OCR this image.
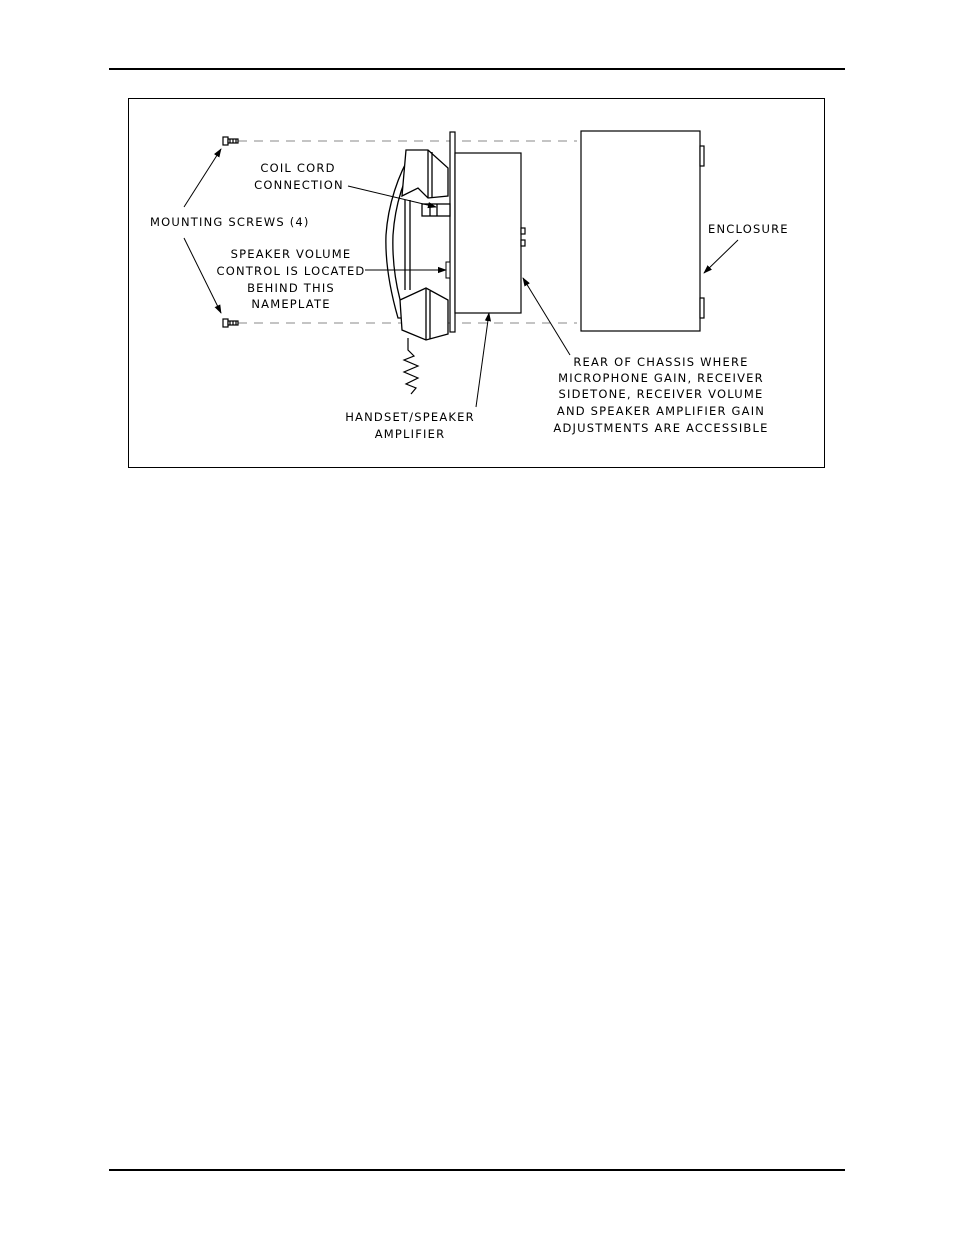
MOUNTING SCREWS (4)
COIL CORD
CONNECTION
SPEAKER VOLUME
CONTROL IS LOCATED
BEHIND THIS
NAMEPLATE
ENCLOSURE
REAR OF CHASSIS WHERE
MICROPHONE GAIN, RECEIVER
SIDETONE, RECEIVER VOLUME
AND SPEAKER AMPLIFIER GAIN
ADJUSTMENTS ARE ACCESSIBLE
HANDSET/SPEAKER
AMPLIFIER
